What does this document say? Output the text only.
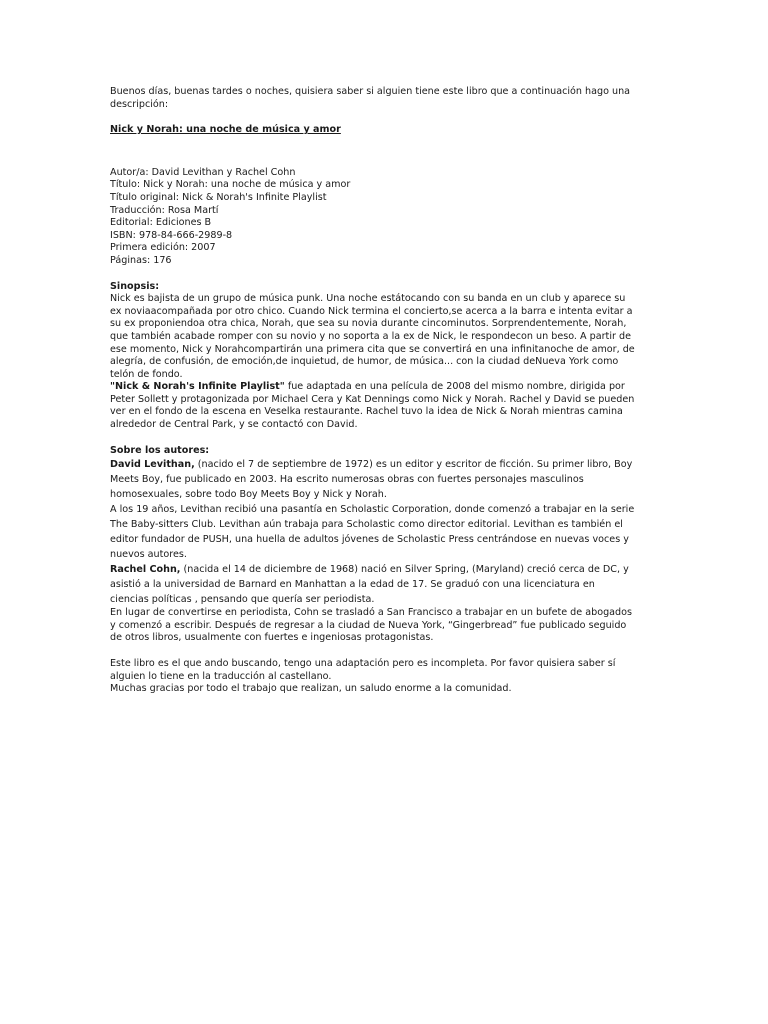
Buenos días, buenas tardes o noches, quisiera saber si alguien tiene este libro que a continuación hago una descripción:

Nick y Norah: una noche de música y amor

Autor/a: David Levithan y Rachel Cohn
Título: Nick y Norah: una noche de música y amor
Título original: Nick & Norah's Infinite Playlist
Traducción: Rosa Martí
Editorial: Ediciones B
ISBN: 978-84-666-2989-8
Primera edición: 2007
Páginas: 176

Sinopsis:

Nick es bajista de un grupo de música punk. Una noche estátocando con su banda en un club y aparece su ex noviaacompañada por otro chico. Cuando Nick termina el concierto,se acerca a la barra e intenta evitar a su ex proponiendoa otra chica, Norah, que sea su novia durante cincominutos. Sorprendentemente, Norah, que también acabade romper con su novio y no soporta a la ex de Nick, le respondecon un beso. A partir de ese momento, Nick y Norahcompartirán una primera cita que se convertirá en una infinitanoche de amor, de alegría, de confusión, de emoción,de inquietud, de humor, de música... con la ciudad deNueva York como telón de fondo.

"Nick & Norah's Infinite Playlist" fue adaptada en una película de 2008 del mismo nombre, dirigida por Peter Sollett y protagonizada por Michael Cera y Kat Dennings como Nick y Norah. Rachel y David se pueden ver en el fondo de la escena en Veselka restaurante. Rachel tuvo la idea de Nick & Norah mientras camina alrededor de Central Park, y se contactó con David.

Sobre los autores:

David Levithan, (nacido el 7 de septiembre de 1972) es un editor y escritor de ficción. Su primer libro, Boy Meets Boy, fue publicado en 2003. Ha escrito numerosas obras con fuertes personajes masculinos homosexuales, sobre todo Boy Meets Boy y Nick y Norah.

A los 19 años, Levithan recibió una pasantía en Scholastic Corporation, donde comenzó a trabajar en la serie The Baby-sitters Club. Levithan aún trabaja para Scholastic como director editorial. Levithan es también el editor fundador de PUSH, una huella de adultos jóvenes de Scholastic Press centrándose en nuevas voces y nuevos autores.

Rachel Cohn, (nacida el 14 de diciembre de 1968) nació en Silver Spring, (Maryland) creció cerca de DC, y asistió a la universidad de Barnard en Manhattan a la edad de 17. Se graduó con una licenciatura en ciencias políticas , pensando que quería ser periodista.

En lugar de convertirse en periodista, Cohn se trasladó a San Francisco a trabajar en un bufete de abogados y comenzó a escribir. Después de regresar a la ciudad de Nueva York, “Gingerbread” fue publicado seguido de otros libros, usualmente con fuertes e ingeniosas protagonistas.

Este libro es el que ando buscando, tengo una adaptación pero es incompleta. Por favor quisiera saber sí alguien lo tiene en la traducción al castellano.

Muchas gracias por todo el trabajo que realizan, un saludo enorme a la comunidad.
